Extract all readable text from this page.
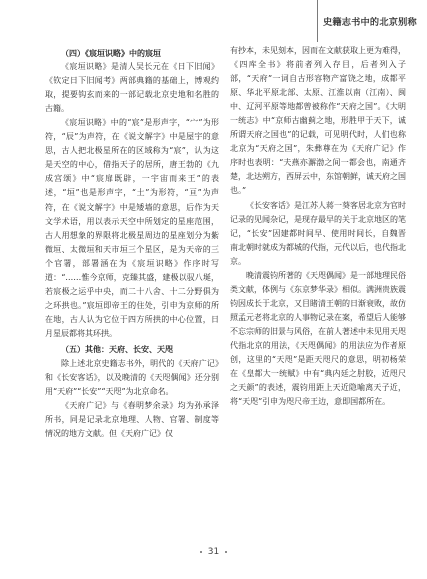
史籍志书中的北京别称

（四）《宸垣识略》中的宸垣

《宸垣识略》是清人吴长元在《日下旧闻》《钦定日下旧闻考》两部典籍的基础上，博观约取，提要钩玄而来的一部记载北京史地和名胜的古籍。

《宸垣识略》中的“宸”是形声字，“宀”为形符，“辰”为声符，在《说文解字》中是屋宇的意思，古人把北极星所在的区域称为“宸”，认为这是天空的中心，借指天子的居所，唐王勃的《九成宫颂》中“宸扉既辟，一宇宙而来王”的表述，“垣”也是形声字，“土”为形符，“亘”为声符，在《说文解字》中是矮墙的意思，后作为天文学术语，用以表示天空中所划定的星座范围，古人用想象的界限将北极星周边的星座划分为紫微垣、太微垣和天市垣三个星区，是为天帝的三个官署，部署涵在为《宸垣识略》作序时写道：“……惟今京师，克臻其盛，建极以驭八埏，若宸极之运乎中央，而二十八舍、十二分野俱为之环拱也。”宸垣即帝王的住处，引申为京师的所在地，古人认为它位于四方所拱的中心位置，日月星辰都将其环拱。

（五）其他：天府、长安、天咫

除上述北京史籍志书外，明代的《天府广记》和《长安客话》，以及晚清的《天咫偶闻》还分别用“天府”“长安”“天咫”为北京命名。

《天府广记》与《春明梦余录》均为孙承泽所书，同是记录北京地理、人物、官署、制度等情况的地方文献。但《天府广记》仅

有抄本，未见刻本，因而在文献获取上更为难得，《四库全书》将前者列入存目，后者列入子部，“天府”一词自古形容物产富饶之地，成都平原、华北平原北部、太原、江淮以南（江南）、闽中、辽河平原等地都曾被称作“天府之国”。《大明一统志》中“京师古幽蓟之地，形胜甲于天下，诚所谓天府之国也”的记载，可见明代时，人们也称北京为“天府之国”，朱彝尊在为《天府广记》作序时也表明：“夫燕亦澥渤之间一都会也，南通齐楚，北达朔方，西屏云中，东馆朝鲜，诚天府之国也。”

《长安客话》是江苏人蒋一葵客居北京为官时记录的见闻杂记，是现存最早的关于北京地区的笔记，“长安”因建都时间早、使用时间长，自魏晋南北朝时就成为都城的代指，元代以后，也代指北京。

晚清震钧所著的《天咫偶闻》是一部地理民俗类文献，体例与《东京梦华录》相似。满洲贵族震钧因成长于北京，又目睹清王朝的日渐衰败，故仿照孟元老将北京的人事物记录在案，希望后人能够不忘宗师的旧景与风俗，在前人著述中未见用天咫代指北京的用法，《天咫偶闻》的用法应为作者原创，这里的“天咫”是距天咫尺的意思，明初杨荣在《皇都大一统赋》中有“典内廷之肘胶，近咫尺之天颜”的表述，震钧用距上天近隐喻离天子近，将“天咫”引申为咫尺帝王边，意即国都所在。

31
